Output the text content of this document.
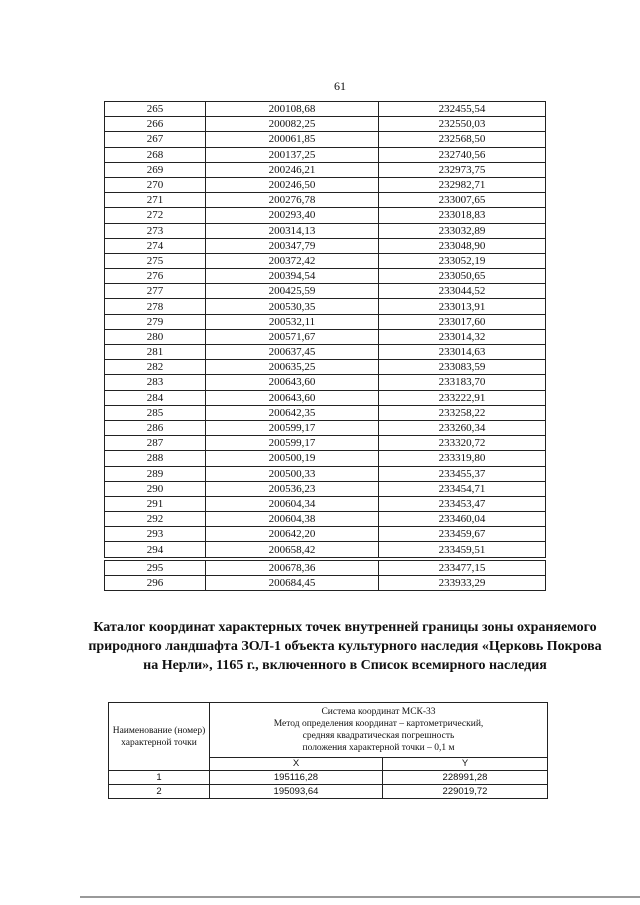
61
265	200108,68	232455,54
266	200082,25	232550,03
267	200061,85	232568,50
268	200137,25	232740,56
269	200246,21	232973,75
270	200246,50	232982,71
271	200276,78	233007,65
272	200293,40	233018,83
273	200314,13	233032,89
274	200347,79	233048,90
275	200372,42	233052,19
276	200394,54	233050,65
277	200425,59	233044,52
278	200530,35	233013,91
279	200532,11	233017,60
280	200571,67	233014,32
281	200637,45	233014,63
282	200635,25	233083,59
283	200643,60	233183,70
284	200643,60	233222,91
285	200642,35	233258,22
286	200599,17	233260,34
287	200599,17	233320,72
288	200500,19	233319,80
289	200500,33	233455,37
290	200536,23	233454,71
291	200604,34	233453,47
292	200604,38	233460,04
293	200642,20	233459,67
294	200658,42	233459,51
295	200678,36	233477,15
296	200684,45	233933,29
Каталог координат характерных точек внутренней границы зоны охраняемого природного ландшафта ЗОЛ-1 объекта культурного наследия «Церковь Покрова на Нерли», 1165 г., включенного в Список всемирного наследия
Наименование (номер) характерной точки	Система координат МСК-33
Метод определения координат – картометрический,
средняя квадратическая погрешность
положения характерной точки – 0,1 м	

	X	Y
1	195116,28	228991,28
2	195093,64	229019,72
